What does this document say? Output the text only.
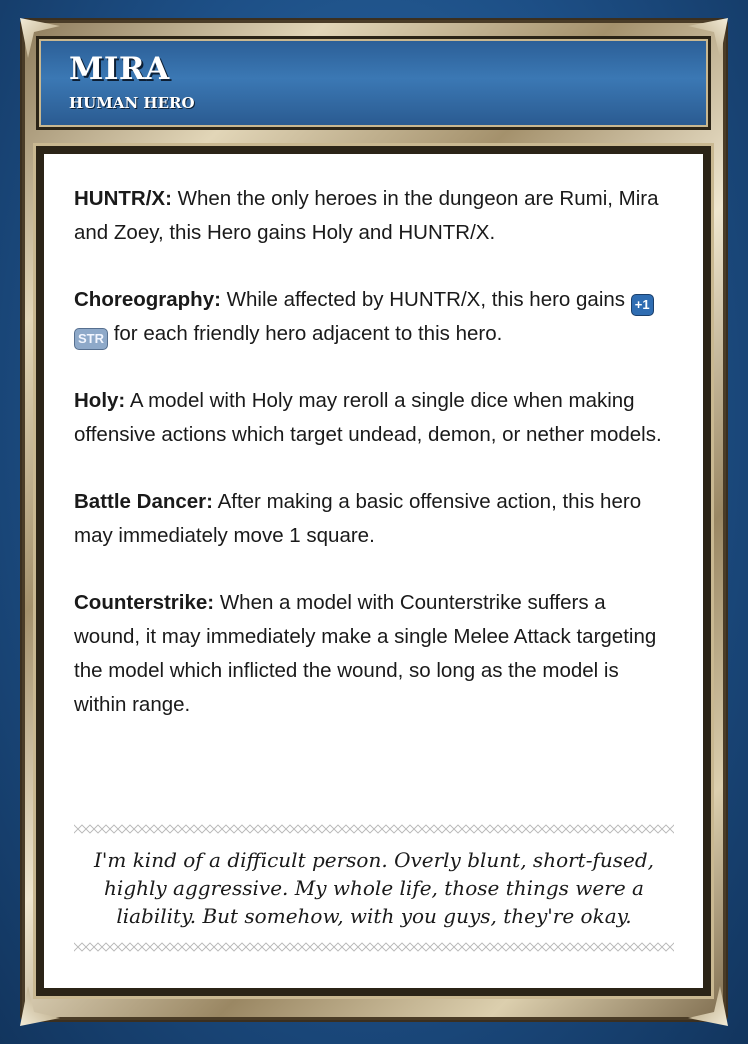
MIRA
HUMAN HERO

HUNTR/X: When the only heroes in the dungeon are Rumi, Mira and Zoey, this Hero gains Holy and HUNTR/X.

Choreography: While affected by HUNTR/X, this hero gains +1STR for each friendly hero adjacent to this hero.

Holy: A model with Holy may reroll a single dice when making offensive actions which target undead, demon, or nether models.

Battle Dancer: After making a basic offensive action, this hero may immediately move 1 square.

Counterstrike: When a model with Counterstrike suffers a wound, it may immediately make a single Melee Attack targeting the model which inflicted the wound, so long as the model is within range.

I'm kind of a difficult person. Overly blunt, short-fused, highly aggressive. My whole life, those things were a liability. But somehow, with you guys, they're okay.
